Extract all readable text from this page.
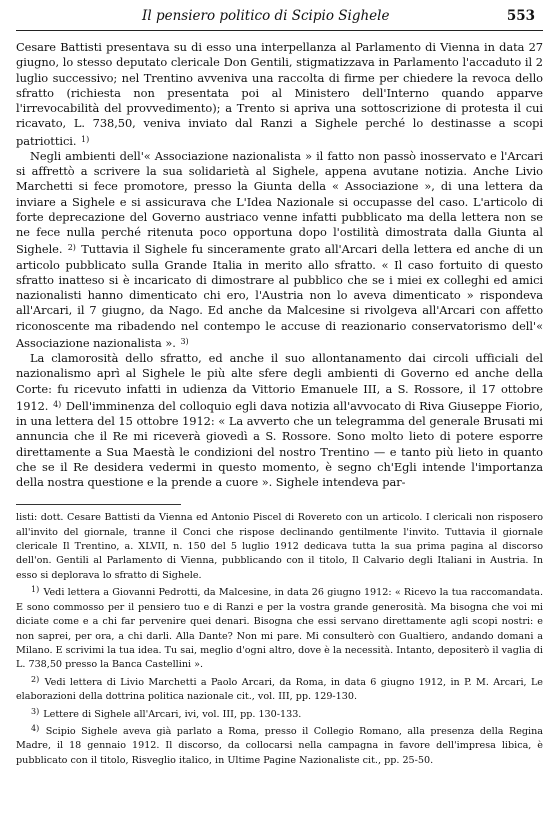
Il pensiero politico di Scipio Sighele	553

Cesare Battisti presentava su di esso una interpellanza al Parlamento di Vienna in data 27 giugno, lo stesso deputato clericale Don Gentili, stigmatizzava in Parlamento l'accaduto il 2 luglio successivo; nel Trentino avveniva una raccolta di firme per chiedere la revoca dello sfratto (richiesta non presentata poi al Ministero dell'Interno quando apparve l'irrevocabilità del provvedimento); a Trento si apriva una sottoscrizione di protesta il cui ricavato, L. 738,50, veniva inviato dal Ranzi a Sighele perché lo destinasse a scopi patriottici. $^{1)}$

Negli ambienti dell'« Associazione nazionalista » il fatto non passò inosservato e l'Arcari si affrettò a scrivere la sua solidarietà al Sighele, appena avutane notizia. Anche Livio Marchetti si fece promotore, presso la Giunta della « Associazione », di una lettera da inviare a Sighele e si assicurava che L'Idea Nazionale si occupasse del caso. L'articolo di forte deprecazione del Governo austriaco venne infatti pubblicato ma della lettera non se ne fece nulla perché ritenuta poco opportuna dopo l'ostilità dimostrata dalla Giunta al Sighele. $^{2)}$ Tuttavia il Sighele fu sinceramente grato all'Arcari della lettera ed anche di un articolo pubblicato sulla Grande Italia in merito allo sfratto. « Il caso fortuito di questo sfratto inatteso si è incaricato di dimostrare al pubblico che se i miei ex colleghi ed amici nazionalisti hanno dimenticato chi ero, l'Austria non lo aveva dimenticato » rispondeva all'Arcari, il 7 giugno, da Nago. Ed anche da Malcesine si rivolgeva all'Arcari con affetto riconoscente ma ribadendo nel contempo le accuse di reazionario conservatorismo dell'« Associazione nazionalista ». $^{3)}$

La clamorosità dello sfratto, ed anche il suo allontanamento dai circoli ufficiali del nazionalismo aprì al Sighele le più alte sfere degli ambienti di Governo ed anche della Corte: fu ricevuto infatti in udienza da Vittorio Emanuele III, a S. Rossore, il 17 ottobre 1912. $^{4)}$ Dell'imminenza del colloquio egli dava notizia all'avvocato di Riva Giuseppe Fiorio, in una lettera del 15 ottobre 1912: « La avverto che un telegramma del generale Brusati mi annuncia che il Re mi riceverà giovedì a S. Rossore. Sono molto lieto di potere esporre direttamente a Sua Maestà le condizioni del nostro Trentino — e tanto più lieto in quanto che se il Re desidera vedermi in questo momento, è segno ch'Egli intende l'importanza della nostra questione e la prende a cuore ». Sighele intendeva par-

listi: dott. Cesare Battisti da Vienna ed Antonio Piscel di Rovereto con un articolo. I clericali non risposero all'invito del giornale, tranne il Conci che rispose declinando gentilmente l'invito. Tuttavia il giornale clericale Il Trentino, a. XLVII, n. 150 del 5 luglio 1912 dedicava tutta la sua prima pagina al discorso dell'on. Gentili al Parlamento di Vienna, pubblicando con il titolo, Il Calvario degli Italiani in Austria. In esso si deplorava lo sfratto di Sighele.

$^{1)}$ Vedi lettera a Giovanni Pedrotti, da Malcesine, in data 26 giugno 1912: « Ricevo la tua raccomandata. E sono commosso per il pensiero tuo e di Ranzi e per la vostra grande generosità. Ma bisogna che voi mi diciate come e a chi far pervenire quei denari. Bisogna che essi servano direttamente agli scopi nostri: e non saprei, per ora, a chi darli. Alla Dante? Non mi pare. Mi consulterò con Gualtiero, andando domani a Milano. E scrivimi la tua idea. Tu sai, meglio d'ogni altro, dove è la necessità. Intanto, depositerò il vaglia di L. 738,50 presso la Banca Castellini ».

$^{2)}$ Vedi lettera di Livio Marchetti a Paolo Arcari, da Roma, in data 6 giugno 1912, in P. M. Arcari, Le elaborazioni della dottrina politica nazionale cit., vol. III, pp. 129-130.

$^{3)}$ Lettere di Sighele all'Arcari, ivi, vol. III, pp. 130-133.

$^{4)}$ Scipio Sighele aveva già parlato a Roma, presso il Collegio Romano, alla presenza della Regina Madre, il 18 gennaio 1912. Il discorso, da collocarsi nella campagna in favore dell'impresa libica, è pubblicato con il titolo, Risveglio italico, in Ultime Pagine Nazionaliste cit., pp. 25-50.
